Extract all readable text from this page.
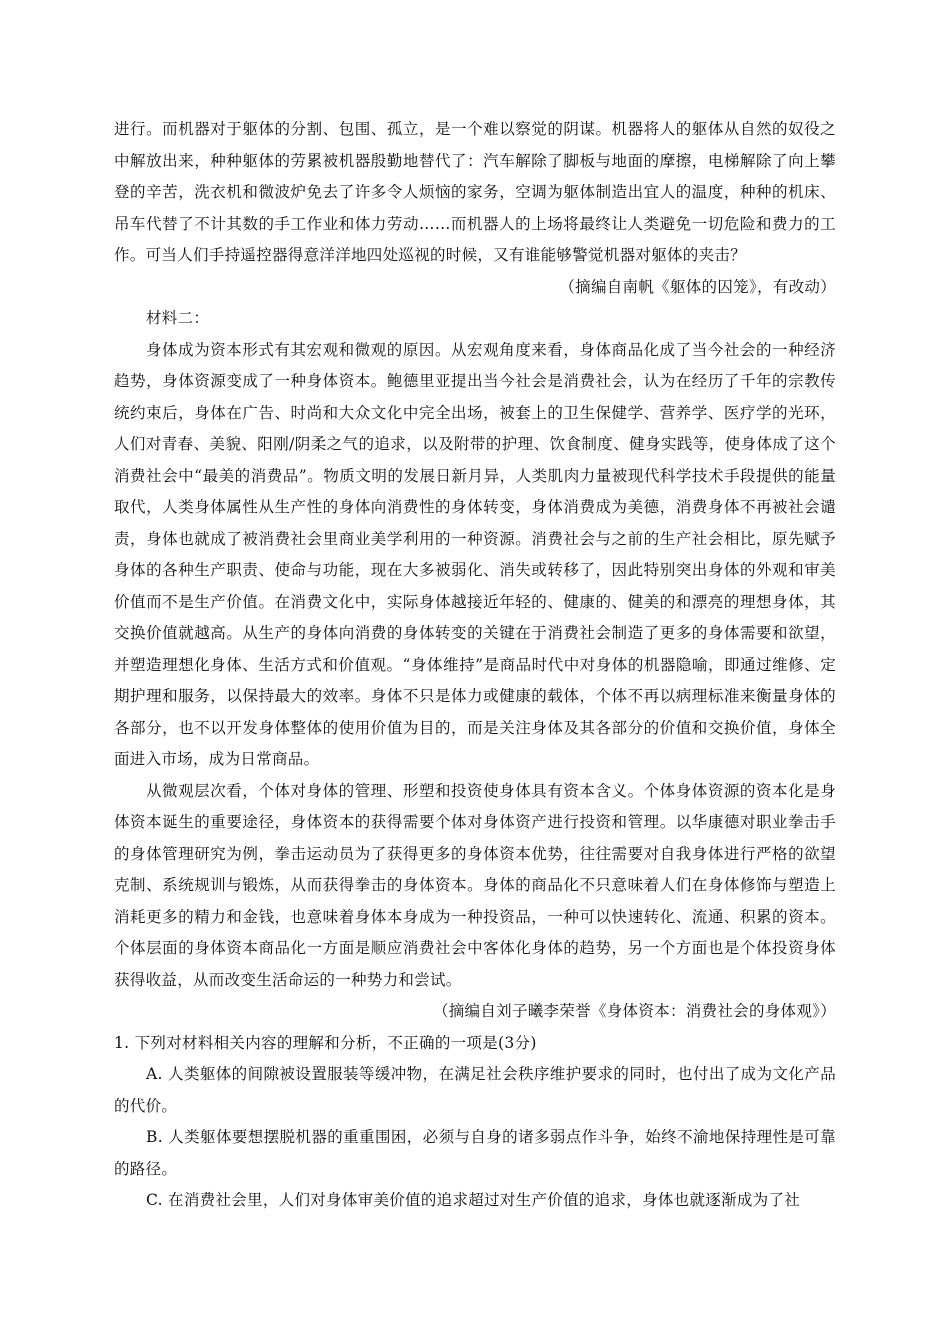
进行。而机器对于躯体的分割、包围、孤立，是一个难以察觉的阴谋。机器将人的躯体从自然的奴役之中解放出来，种种躯体的劳累被机器殷勤地替代了：汽车解除了脚板与地面的摩擦，电梯解除了向上攀登的辛苦，洗衣机和微波炉免去了许多令人烦恼的家务，空调为躯体制造出宜人的温度，种种的机床、吊车代替了不计其数的手工作业和体力劳动……而机器人的上场将最终让人类避免一切危险和费力的工作。可当人们手持遥控器得意洋洋地四处巡视的时候，又有谁能够警觉机器对躯体的夹击？

（摘编自南帆《躯体的囚笼》，有改动）

材料二：

身体成为资本形式有其宏观和微观的原因。从宏观角度来看，身体商品化成了当今社会的一种经济趋势，身体资源变成了一种身体资本。鲍德里亚提出当今社会是消费社会，认为在经历了千年的宗教传统约束后，身体在广告、时尚和大众文化中完全出场，被套上的卫生保健学、营养学、医疗学的光环，人们对青春、美貌、阳刚/阴柔之气的追求，以及附带的护理、饮食制度、健身实践等，使身体成了这个消费社会中“最美的消费品”。物质文明的发展日新月异，人类肌肉力量被现代科学技术手段提供的能量取代，人类身体属性从生产性的身体向消费性的身体转变，身体消费成为美德，消费身体不再被社会谴责，身体也就成了被消费社会里商业美学利用的一种资源。消费社会与之前的生产社会相比，原先赋予身体的各种生产职责、使命与功能，现在大多被弱化、消失或转移了，因此特别突出身体的外观和审美价值而不是生产价值。在消费文化中，实际身体越接近年轻的、健康的、健美的和漂亮的理想身体，其交换价值就越高。从生产的身体向消费的身体转变的关键在于消费社会制造了更多的身体需要和欲望，并塑造理想化身体、生活方式和价值观。“身体维持”是商品时代中对身体的机器隐喻，即通过维修、定期护理和服务，以保持最大的效率。身体不只是体力或健康的载体，个体不再以病理标准来衡量身体的各部分，也不以开发身体整体的使用价值为目的，而是关注身体及其各部分的价值和交换价值，身体全面进入市场，成为日常商品。

从微观层次看，个体对身体的管理、形塑和投资使身体具有资本含义。个体身体资源的资本化是身体资本诞生的重要途径，身体资本的获得需要个体对身体资产进行投资和管理。以华康德对职业拳击手的身体管理研究为例，拳击运动员为了获得更多的身体资本优势，往往需要对自我身体进行严格的欲望克制、系统规训与锻炼，从而获得拳击的身体资本。身体的商品化不只意味着人们在身体修饰与塑造上消耗更多的精力和金钱，也意味着身体本身成为一种投资品，一种可以快速转化、流通、积累的资本。个体层面的身体资本商品化一方面是顺应消费社会中客体化身体的趋势，另一个方面也是个体投资身体获得收益，从而改变生活命运的一种势力和尝试。

（摘编自刘子曦李荣誉《身体资本：消费社会的身体观》）

1. 下列对材料相关内容的理解和分析，不正确的一项是(3分)

A. 人类躯体的间隙被设置服装等缓冲物，在满足社会秩序维护要求的同时，也付出了成为文化产品的代价。

B. 人类躯体要想摆脱机器的重重围困，必须与自身的诸多弱点作斗争，始终不渝地保持理性是可靠的路径。

C. 在消费社会里，人们对身体审美价值的追求超过对生产价值的追求，身体也就逐渐成为了社
